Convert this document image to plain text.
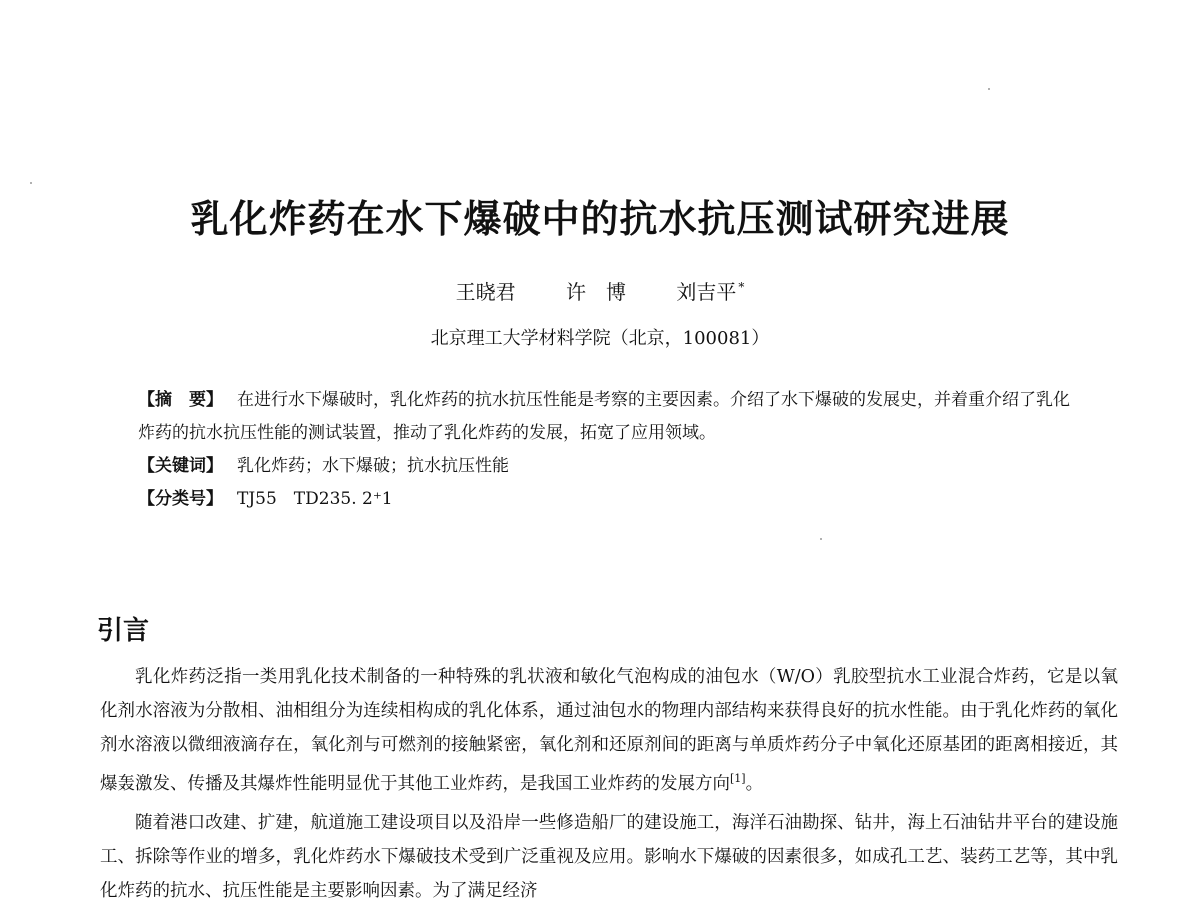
乳化炸药在水下爆破中的抗水抗压测试研究进展
王晓君	许　博	刘吉平 *
北京理工大学材料学院（北京，100081）
【摘　要】 在进行水下爆破时，乳化炸药的抗水抗压性能是考察的主要因素。介绍了水下爆破的发展史，并着重介绍了乳化炸药的抗水抗压性能的测试装置，推动了乳化炸药的发展，拓宽了应用领域。
【关键词】 乳化炸药；水下爆破；抗水抗压性能
【分类号】 TJ55　TD235. 2⁺1
引言

乳化炸药泛指一类用乳化技术制备的一种特殊的乳状液和敏化气泡构成的油包水（W/O）乳胶型抗水工业混合炸药，它是以氧化剂水溶液为分散相、油相组分为连续相构成的乳化体系，通过油包水的物理内部结构来获得良好的抗水性能。由于乳化炸药的氧化剂水溶液以微细液滴存在，氧化剂与可燃剂的接触紧密，氧化剂和还原剂间的距离与单质炸药分子中氧化还原基团的距离相接近，其爆轰激发、传播及其爆炸性能明显优于其他工业炸药，是我国工业炸药的发展方向[1]。

随着港口改建、扩建，航道施工建设项目以及沿岸一些修造船厂的建设施工，海洋石油勘探、钻井，海上石油钻井平台的建设施工、拆除等作业的增多，乳化炸药水下爆破技术受到广泛重视及应用。影响水下爆破的因素很多，如成孔工艺、装药工艺等，其中乳化炸药的抗水、抗压性能是主要影响因素。为了满足经济
